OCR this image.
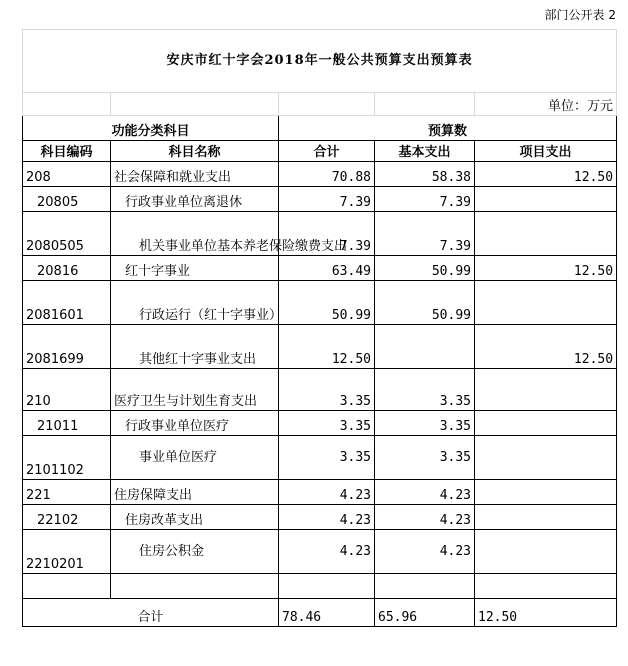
部门公开表 2
安庆市红十字会2018年一般公共预算支出预算表				
				单位：万元
功能分类科目		预算数		
科目编码	科目名称	合计	基本支出	项目支出
208	社会保障和就业支出	70.88	58.38	12.50
20805	行政事业单位离退休	7.39	7.39	
2080505	机关事业单位基本养老保险缴费支出	7.39	7.39	
20816	红十字事业	63.49	50.99	12.50
2081601	行政运行（红十字事业）	50.99	50.99	
2081699	其他红十字事业支出	12.50		12.50
210	医疗卫生与计划生育支出	3.35	3.35	
21011	行政事业单位医疗	3.35	3.35	
2101102	事业单位医疗	3.35	3.35	
221	住房保障支出	4.23	4.23	
22102	住房改革支出	4.23	4.23	
2210201	住房公积金	4.23	4.23	

合计		78.46	65.96	12.50
